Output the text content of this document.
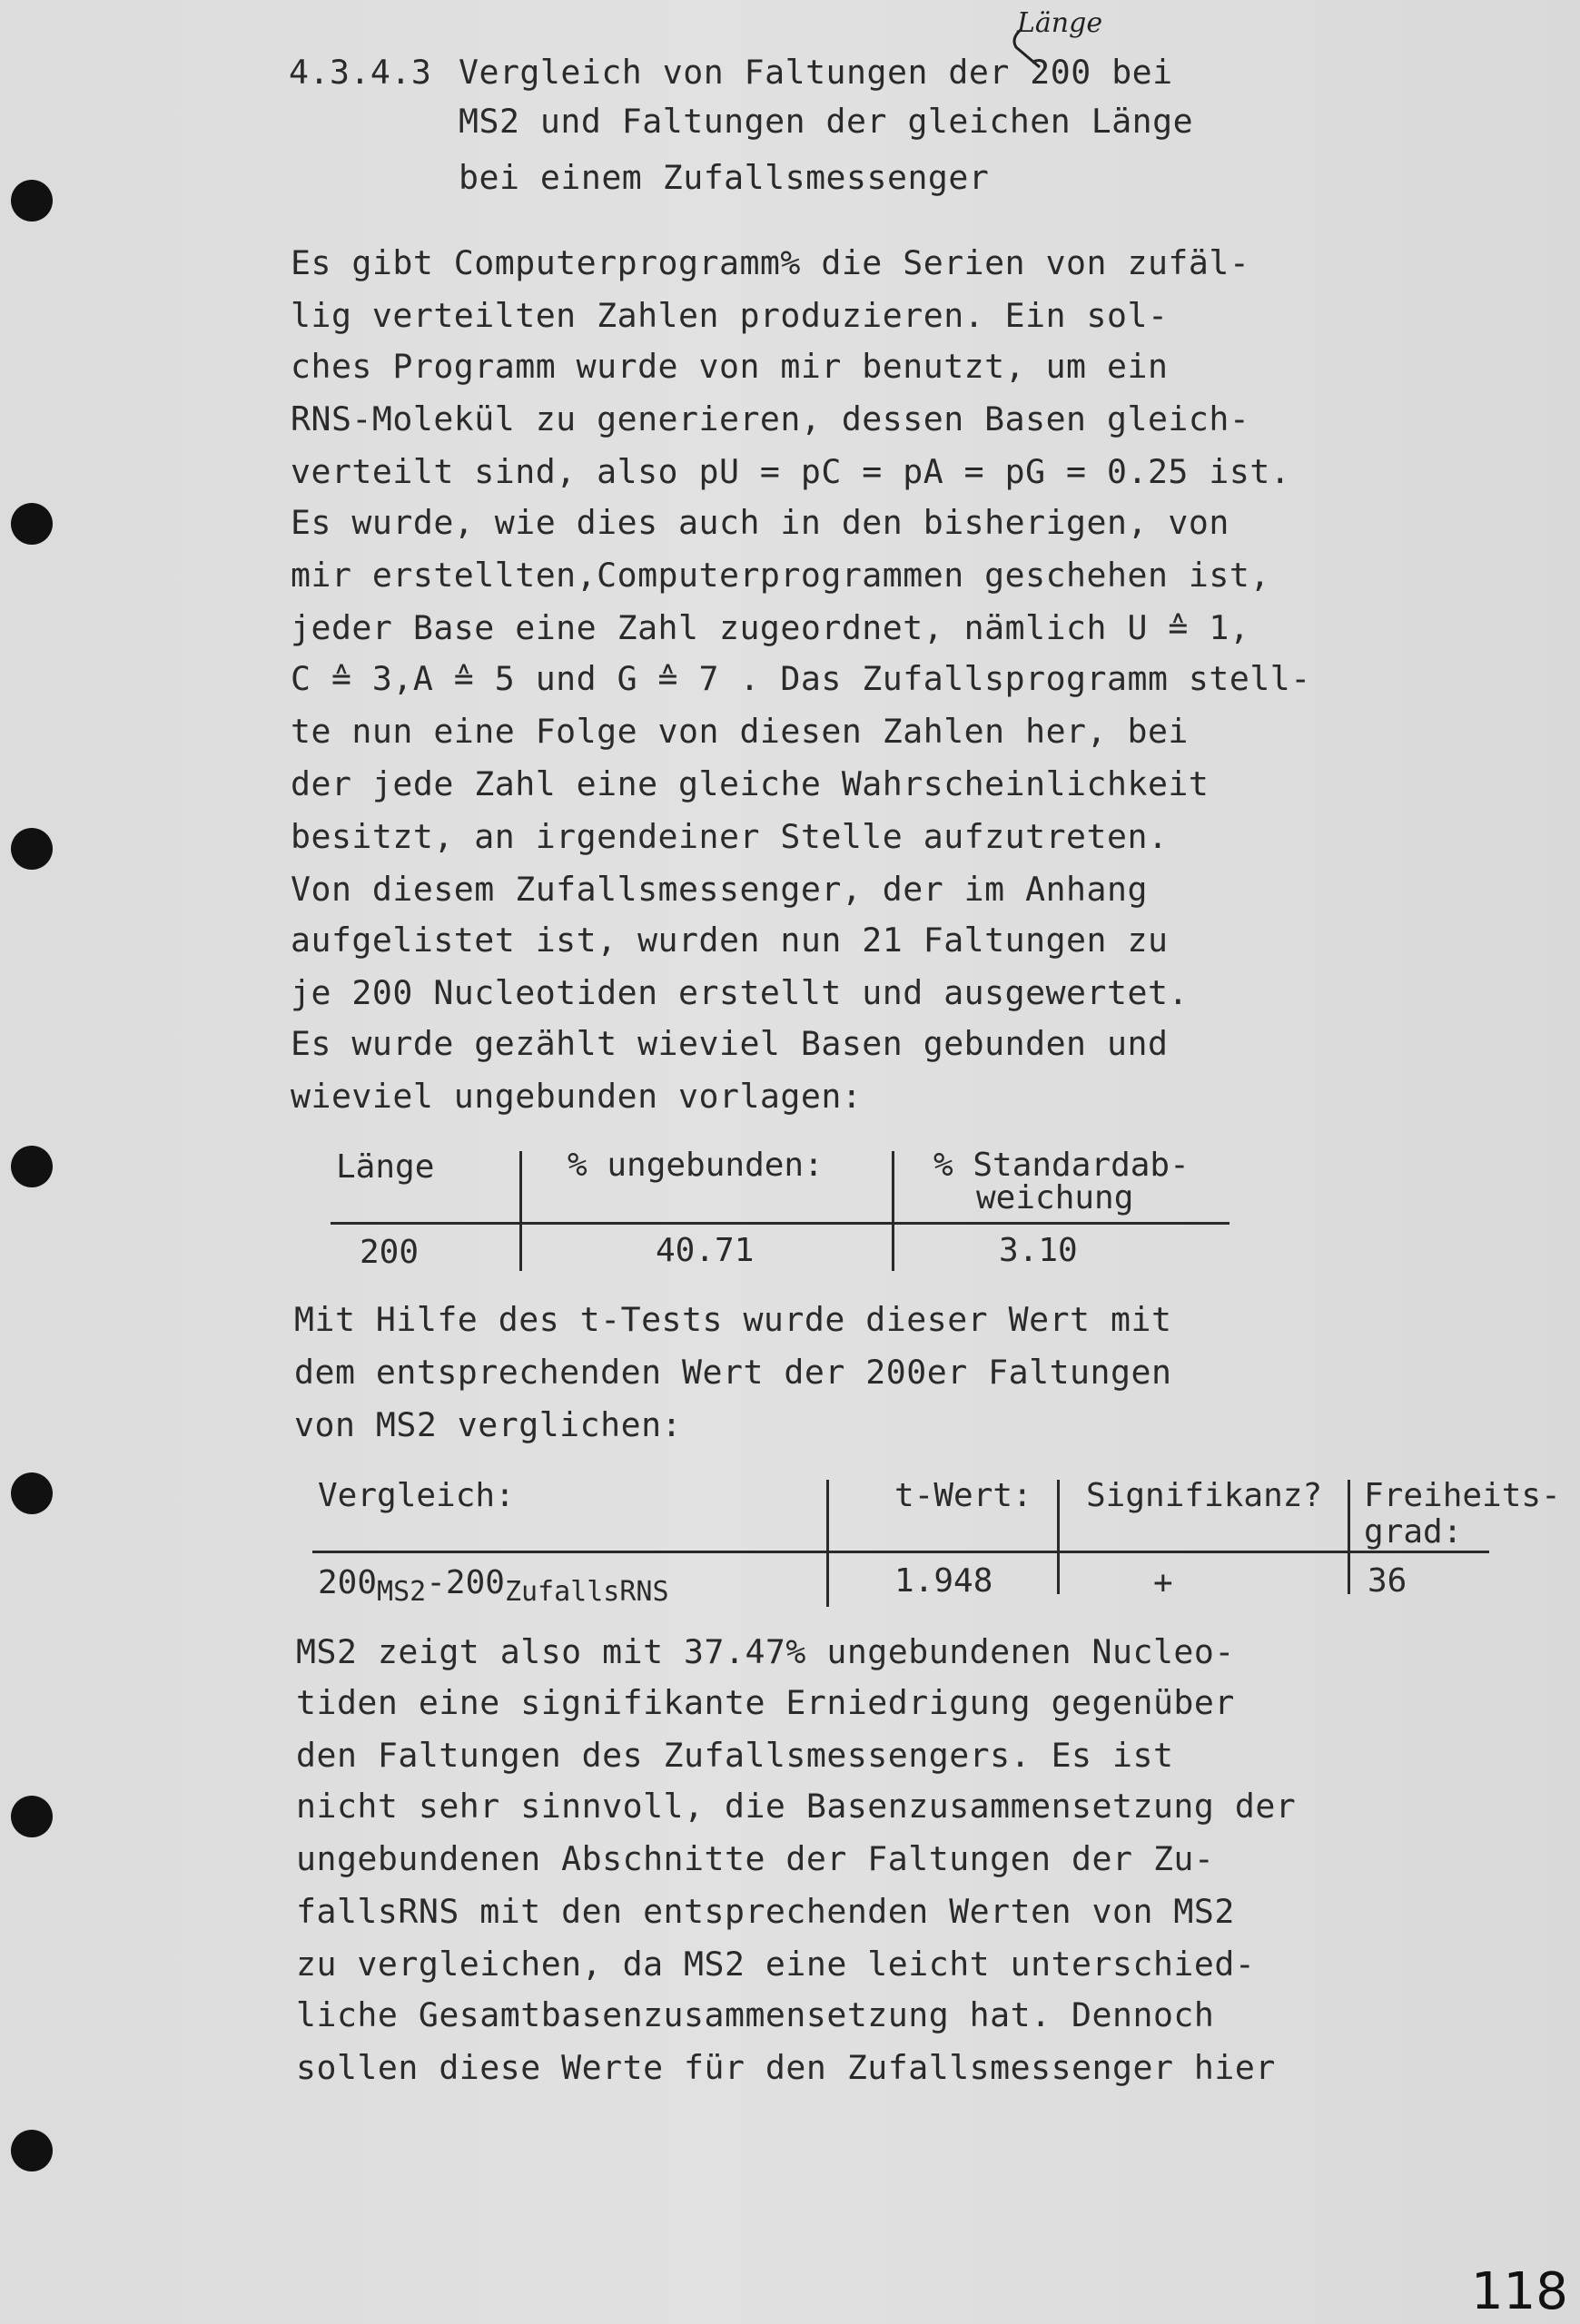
4.3.4.3
Länge
Vergleich von Faltungen der 200 bei
MS2 und Faltungen der gleichen Länge
bei einem Zufallsmessenger
Es gibt Computerprogramm% die Serien von zufäl-
lig verteilten Zahlen produzieren. Ein sol-
ches Programm wurde von mir benutzt, um ein
RNS-Molekül zu generieren, dessen Basen gleich-
verteilt sind, also pU = pC = pA = pG = 0.25 ist.
Es wurde, wie dies auch in den bisherigen, von
mir erstellten,Computerprogrammen geschehen ist,
jeder Base eine Zahl zugeordnet, nämlich U ≙ 1,
C ≙ 3,A ≙ 5 und G ≙ 7 . Das Zufallsprogramm stell-
te nun eine Folge von diesen Zahlen her, bei
der jede Zahl eine gleiche Wahrscheinlichkeit
besitzt, an irgendeiner Stelle aufzutreten.
Von diesem Zufallsmessenger, der im Anhang
aufgelistet ist, wurden nun 21 Faltungen zu
je 200 Nucleotiden erstellt und ausgewertet.
Es wurde gezählt wieviel Basen gebunden und
wieviel ungebunden vorlagen:
Länge	% ungebunden:	% Standardab-
weichung
200	40.71	3.10
Mit Hilfe des t-Tests wurde dieser Wert mit
dem entsprechenden Wert der 200er Faltungen
von MS2 verglichen:
Vergleich:	t-Wert: Signifikanz? Freiheits-
grad:
$200_{MS2}-200_{ZufallsRNS}$	1.948	+	36
MS2 zeigt also mit 37.47% ungebundenen Nucleo-
tiden eine signifikante Erniedrigung gegenüber
den Faltungen des Zufallsmessengers. Es ist
nicht sehr sinnvoll, die Basenzusammensetzung der
ungebundenen Abschnitte der Faltungen der Zu-
fallsRNS mit den entsprechenden Werten von MS2
zu vergleichen, da MS2 eine leicht unterschied-
liche Gesamtbasenzusammensetzung hat. Dennoch
sollen diese Werte für den Zufallsmessenger hier
118
